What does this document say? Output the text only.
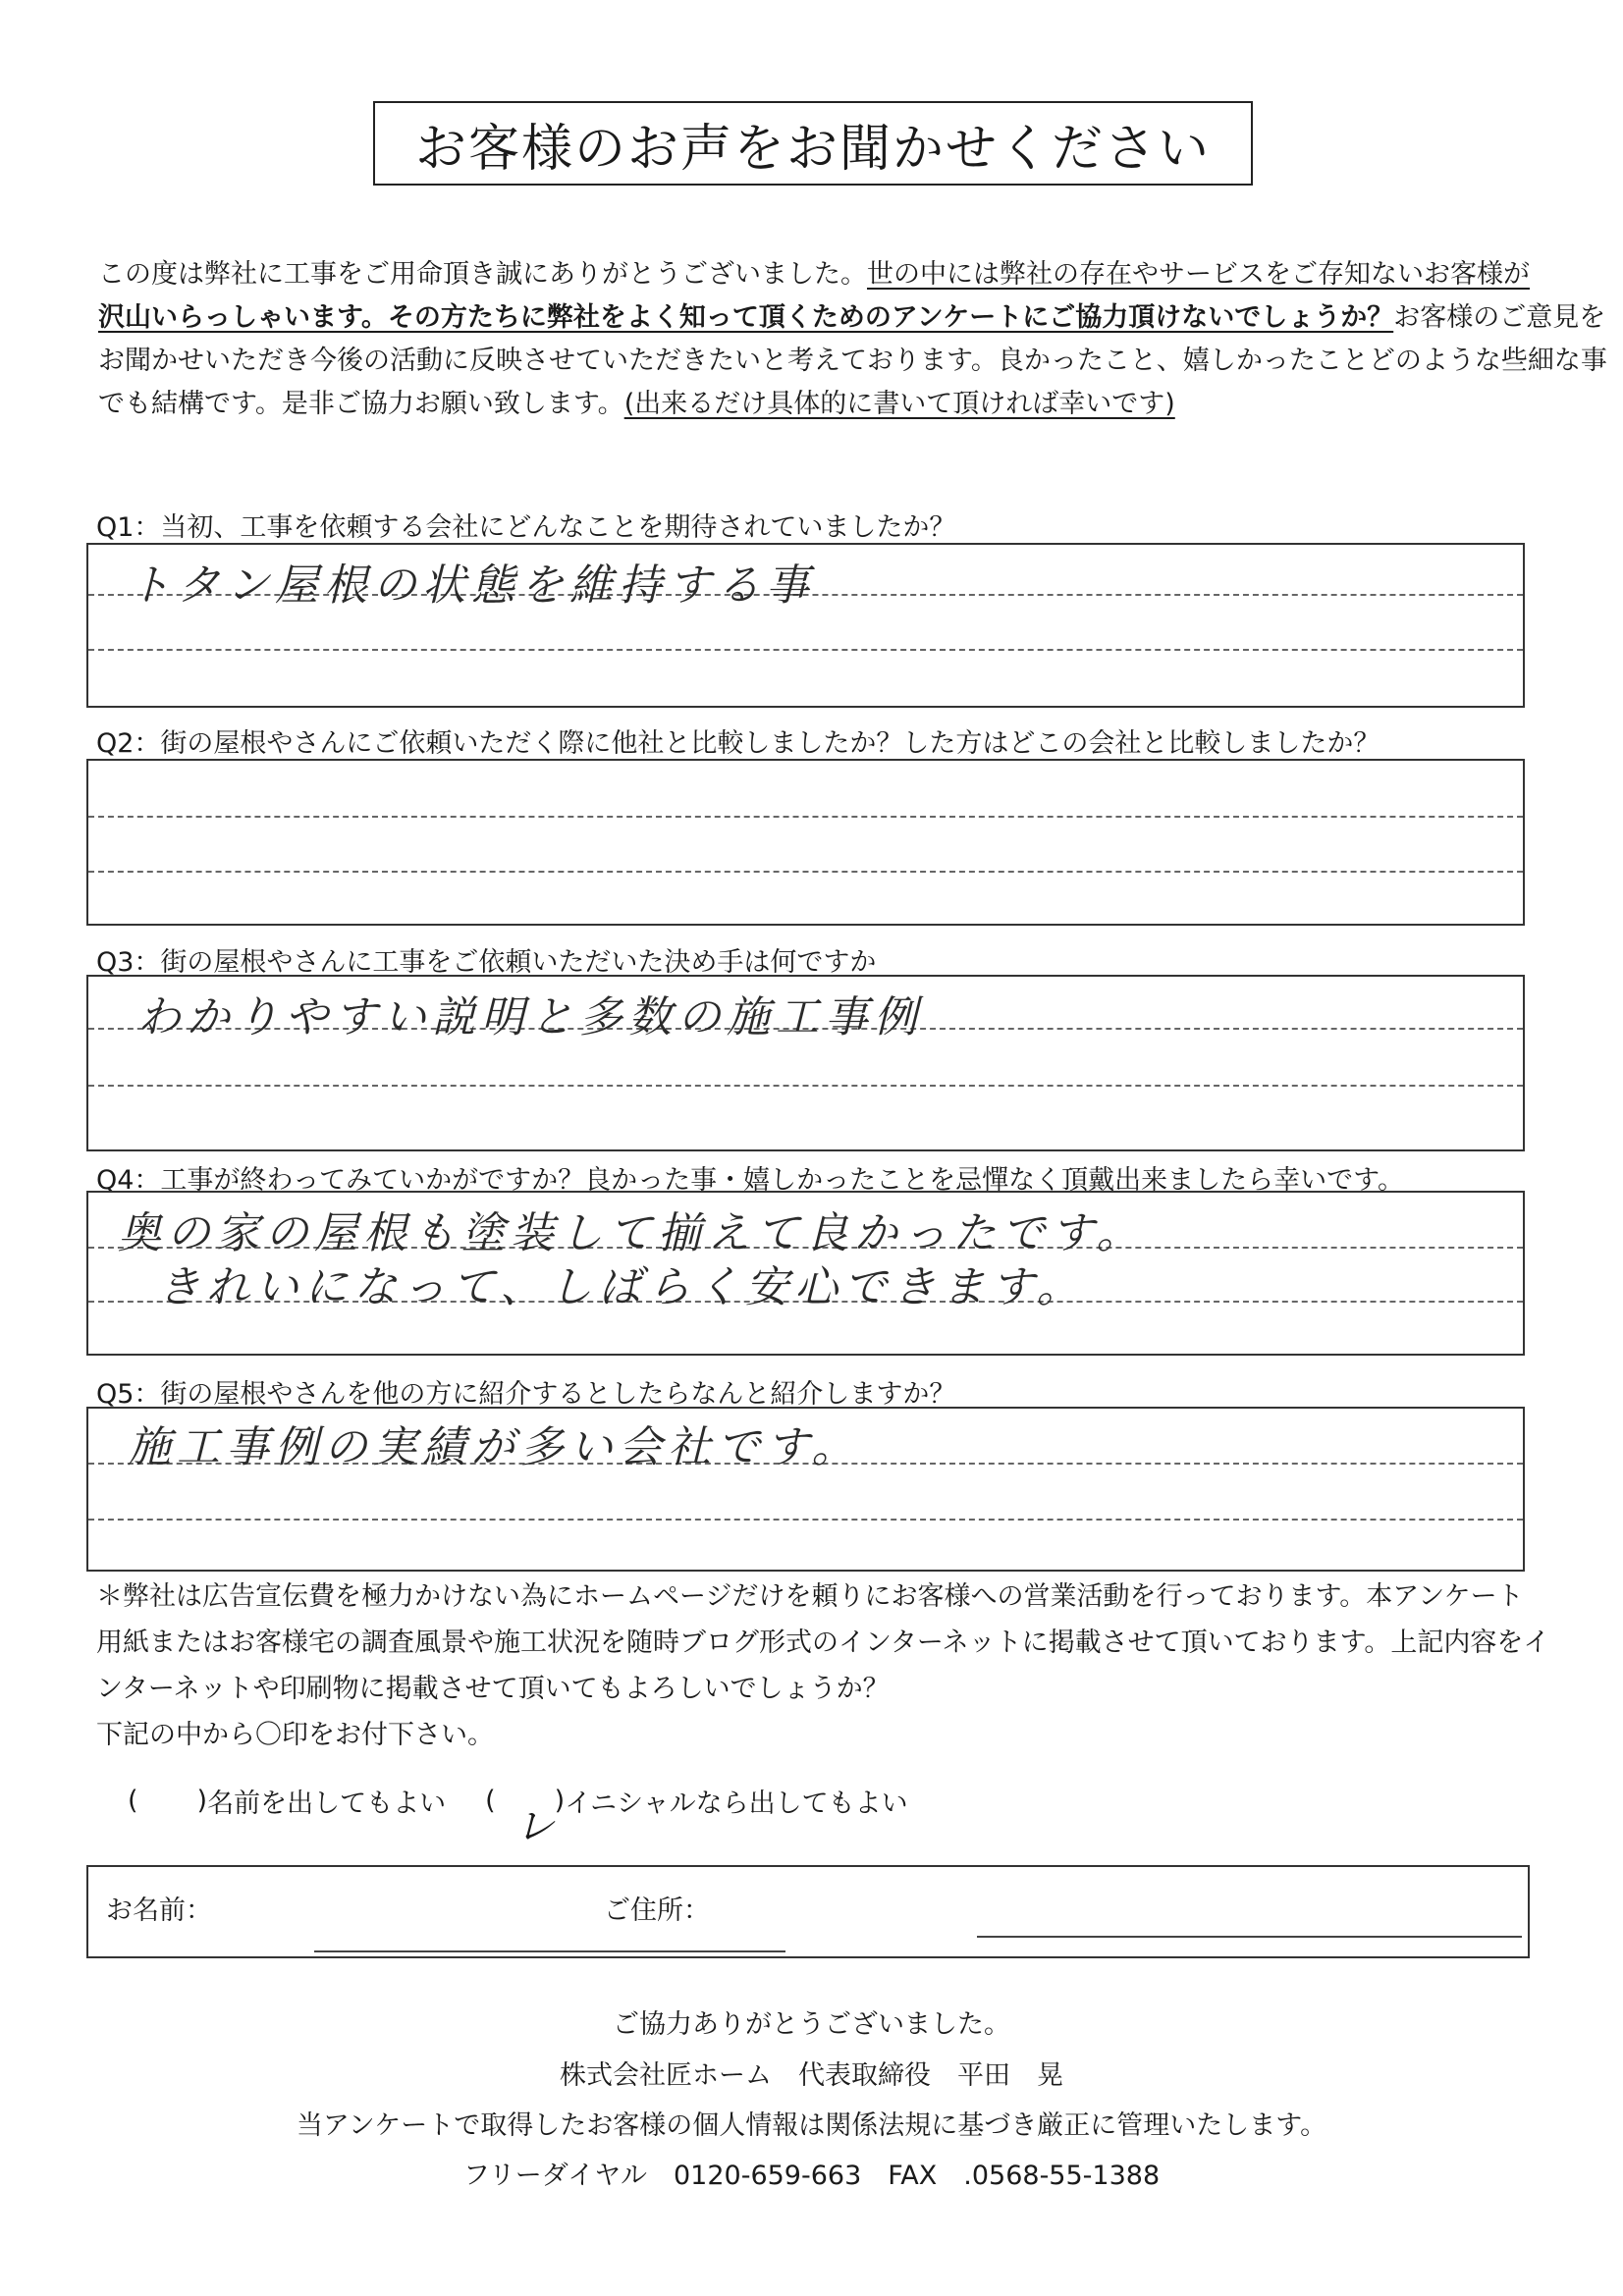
お客様のお声をお聞かせください

この度は弊社に工事をご用命頂き誠にありがとうございました。世の中には弊社の存在やサービスをご存知ないお客様が

沢山いらっしゃいます。その方たちに弊社をよく知って頂くためのアンケートにご協力頂けないでしょうか？お客様のご意見を

お聞かせいただき今後の活動に反映させていただきたいと考えております。良かったこと、嬉しかったことどのような些細な事

でも結構です。是非ご協力お願い致します。(出来るだけ具体的に書いて頂ければ幸いです)

Q1：当初、工事を依頼する会社にどんなことを期待されていましたか？
トタン屋根の状態を維持する事
Q2：街の屋根やさんにご依頼いただく際に他社と比較しましたか？した方はどこの会社と比較しましたか？
Q3：街の屋根やさんに工事をご依頼いただいた決め手は何ですか
わかりやすい説明と多数の施工事例
Q4：工事が終わってみていかがですか？良かった事・嬉しかったことを忌憚なく頂戴出来ましたら幸いです。
奥の家の屋根も塗装して揃えて良かったです。
きれいになって、しばらく安心できます。
Q5：街の屋根やさんを他の方に紹介するとしたらなんと紹介しますか？
施工事例の実績が多い会社です。

＊弊社は広告宣伝費を極力かけない為にホームページだけを頼りにお客様への営業活動を行っております。本アンケート

用紙またはお客様宅の調査風景や施工状況を随時ブログ形式のインターネットに掲載させて頂いております。上記内容をイ

ンターネットや印刷物に掲載させて頂いてもよろしいでしょうか？

下記の中から〇印をお付下さい。

( ) 名前を出してもよい (
レ
) イニシャルなら出してもよい
お名前：	ご住所：
ご協力ありがとうございました。
株式会社匠ホーム　代表取締役　平田　晃
当アンケートで取得したお客様の個人情報は関係法規に基づき厳正に管理いたします。
フリーダイヤル　0120-659-663　FAX　.0568-55-1388
